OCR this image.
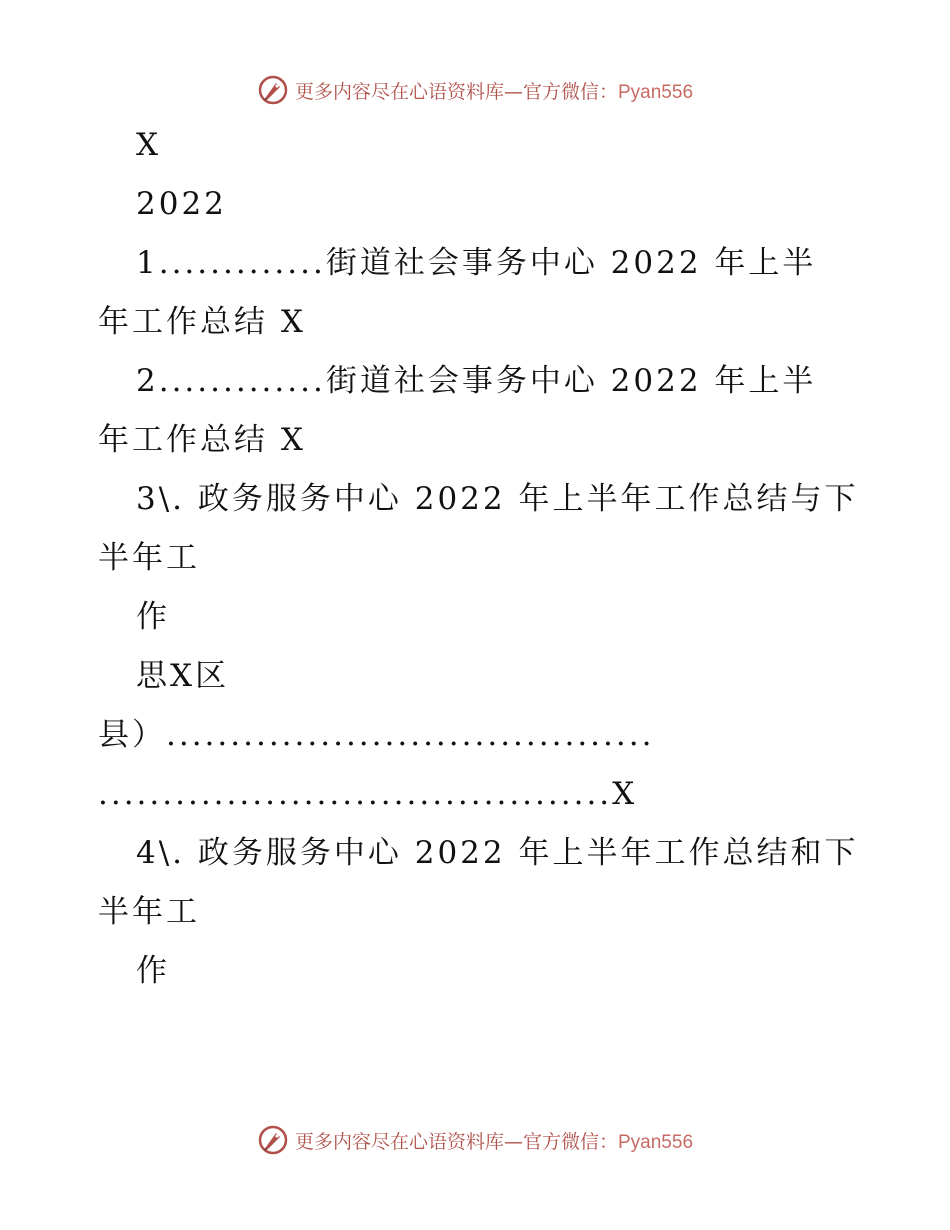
更多内容尽在心语资料库—官方微信：Pyan556
X
2022
1.............街道社会事务中心 2022 年上半
年工作总结 X
2.............街道社会事务中心 2022 年上半
年工作总结 X
3\. 政务服务中心 2022 年上半年工作总结与下
半年工
作
思X区
县）......................................
........................................X
4\. 政务服务中心 2022 年上半年工作总结和下
半年工
作
更多内容尽在心语资料库—官方微信：Pyan556
